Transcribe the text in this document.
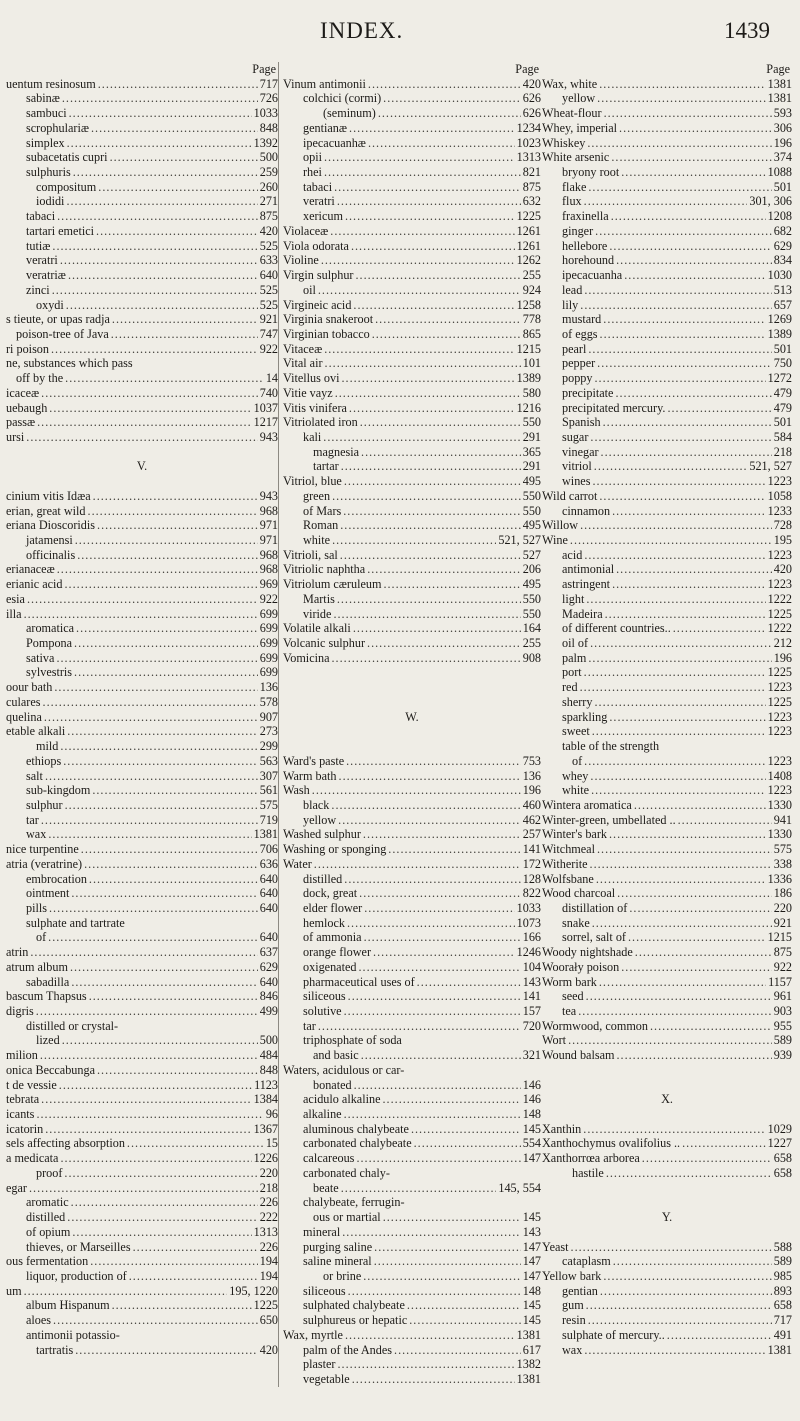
INDEX.	1439
Page
uentum resinosum .....	717
sabinæ .....	726
sambuci .....	1033
scrophulariæ .....	848
simplex .....	1392
subacetatis cupri .....	500
sulphuris .....	259
compositum .....	260
iodidi .....	271
tabaci .....	875
tartari emetici .....	420
tutiæ .....	525
veratri .....	633
veratriæ .....	640
zinci .....	525
oxydi .....	525
s tieute, or upas radja .....	921
poison-tree of Java .....	747
ri poison .....	922
ne, substances which pass
off by the .....	14
icaceæ .....	740
uebaugh .....	1037
passæ .....	1217
ursi .....	943
V.
cinium vitis Idæa .....	943
erian, great wild .....	968
eriana Dioscoridis .....	971
jatamensi .....	971
officinalis .....	968
erianaceæ .....	968
erianic acid .....	969
esia .....	922
illa .....	699
aromatica .....	699
Pompona .....	699
sativa .....	699
sylvestris .....	699
oour bath .....	136
culares .....	578
quelina .....	907
etable alkali .....	273
mild .....	299
ethiops .....	563
salt .....	307
sub-kingdom .....	561
sulphur .....	575
tar .....	719
wax .....	1381
nice turpentine .....	706
atria (veratrine) .....	636
embrocation .....	640
ointment .....	640
pills .....	640
sulphate and tartrate
of .....	640
atrin .....	637
atrum album .....	629
sabadilla .....	640
bascum Thapsus .....	846
digris .....	499
distilled or crystal-
lized .....	500
milion .....	484
onica Beccabunga .....	848
t de vessie .....	1123
tebrata .....	1384
icants .....	96
icatorin .....	1367
sels affecting absorption .....	15
a medicata .....	1226
proof .....	220
egar .....	218
aromatic .....	226
distilled .....	222
of opium .....	1313
thieves, or Marseilles .....	226
ous fermentation .....	194
liquor, production of .....	194
um .....	195, 1220
album Hispanum .....	1225
aloes .....	650
antimonii potassio-
tartratis .....	420
Page
Vinum antimonii .....	420
colchici (cormi) .....	626
(seminum) .....	626
gentianæ .....	1234
ipecacuanhæ .....	1023
opii .....	1313
rhei .....	821
tabaci .....	875
veratri .....	632
xericum .....	1225
Violaceæ .....	1261
Viola odorata .....	1261
Violine .....	1262
Virgin sulphur .....	255
oil .....	924
Virgineic acid .....	1258
Virginia snakeroot .....	778
Virginian tobacco .....	865
Vitaceæ .....	1215
Vital air .....	101
Vitellus ovi .....	1389
Vitie vayz .....	580
Vitis vinifera .....	1216
Vitriolated iron .....	550
kali .....	291
magnesia .....	365
tartar .....	291
Vitriol, blue .....	495
green .....	550
of Mars .....	550
Roman .....	495
white .....	521, 527
Vitrioli, sal .....	527
Vitriolic naphtha .....	206
Vitriolum cæruleum .....	495
Martis .....	550
viride .....	550
Volatile alkali .....	164
Volcanic sulphur .....	255
Vomicina .....	908
W.
Ward's paste .....	753
Warm bath .....	136
Wash .....	196
black .....	460
yellow .....	462
Washed sulphur .....	257
Washing or sponging .....	141
Water .....	172
distilled .....	128
dock, great .....	822
elder flower .....	1033
hemlock .....	1073
of ammonia .....	166
orange flower .....	1246
oxigenated .....	104
pharmaceutical uses of .....	143
siliceous .....	141
solutive .....	157
tar .....	720
triphosphate of soda
and basic .....	321
Waters, acidulous or car-
bonated .....	146
acidulo alkaline .....	146
alkaline .....	148
aluminous chalybeate .....	145
carbonated chalybeate .....	554
calcareous .....	147
carbonated chaly-
beate .....	145, 554
chalybeate, ferrugin-
ous or martial .....	145
mineral .....	143
purging saline .....	147
saline mineral .....	147
or brine .....	147
siliceous .....	148
sulphated chalybeate .....	145
sulphureus or hepatic .....	145
Wax, myrtle .....	1381
palm of the Andes .....	617
plaster .....	1382
vegetable .....	1381
Page
Wax, white .....	1381
yellow .....	1381
Wheat-flour .....	593
Whey, imperial .....	306
Whiskey .....	196
White arsenic .....	374
bryony root .....	1088
flake .....	501
flux .....	301, 306
fraxinella .....	1208
ginger .....	682
hellebore .....	629
horehound .....	834
ipecacuanha .....	1030
lead .....	513
lily .....	657
mustard .....	1269
of eggs .....	1389
pearl .....	501
pepper .....	750
poppy .....	1272
precipitate .....	479
precipitated mercury. .....	479
Spanish .....	501
sugar .....	584
vinegar .....	218
vitriol .....	521, 527
wines .....	1223
Wild carrot .....	1058
cinnamon .....	1233
Willow .....	728
Wine .....	195
acid .....	1223
antimonial .....	420
astringent .....	1223
light .....	1222
Madeira .....	1225
of different countries.. .....	1222
oil of .....	212
palm .....	196
port .....	1225
red .....	1223
sherry .....	1225
sparkling .....	1223
sweet .....	1223
table of the strength
of .....	1223
whey .....	1408
white .....	1223
Wintera aromatica .....	1330
Winter-green, umbellated .. .....	941
Winter's bark .....	1330
Witchmeal .....	575
Witherite .....	338
Wolfsbane .....	1336
Wood charcoal .....	186
distillation of .....	220
snake .....	921
sorrel, salt of .....	1215
Woody nightshade .....	875
Woorały poison .....	922
Worm bark .....	1157
seed .....	961
tea .....	903
Wormwood, common .....	955
Wort .....	589
Wound balsam .....	939
X.
Xanthin .....	1029
Xanthochymus ovalifolius .. .....	1227
Xanthorrœa arborea .....	658
hastile .....	658
Y.
Yeast .....	588
cataplasm .....	589
Yellow bark .....	985
gentian .....	893
gum .....	658
resin .....	717
sulphate of mercury.. .....	491
wax .....	1381
